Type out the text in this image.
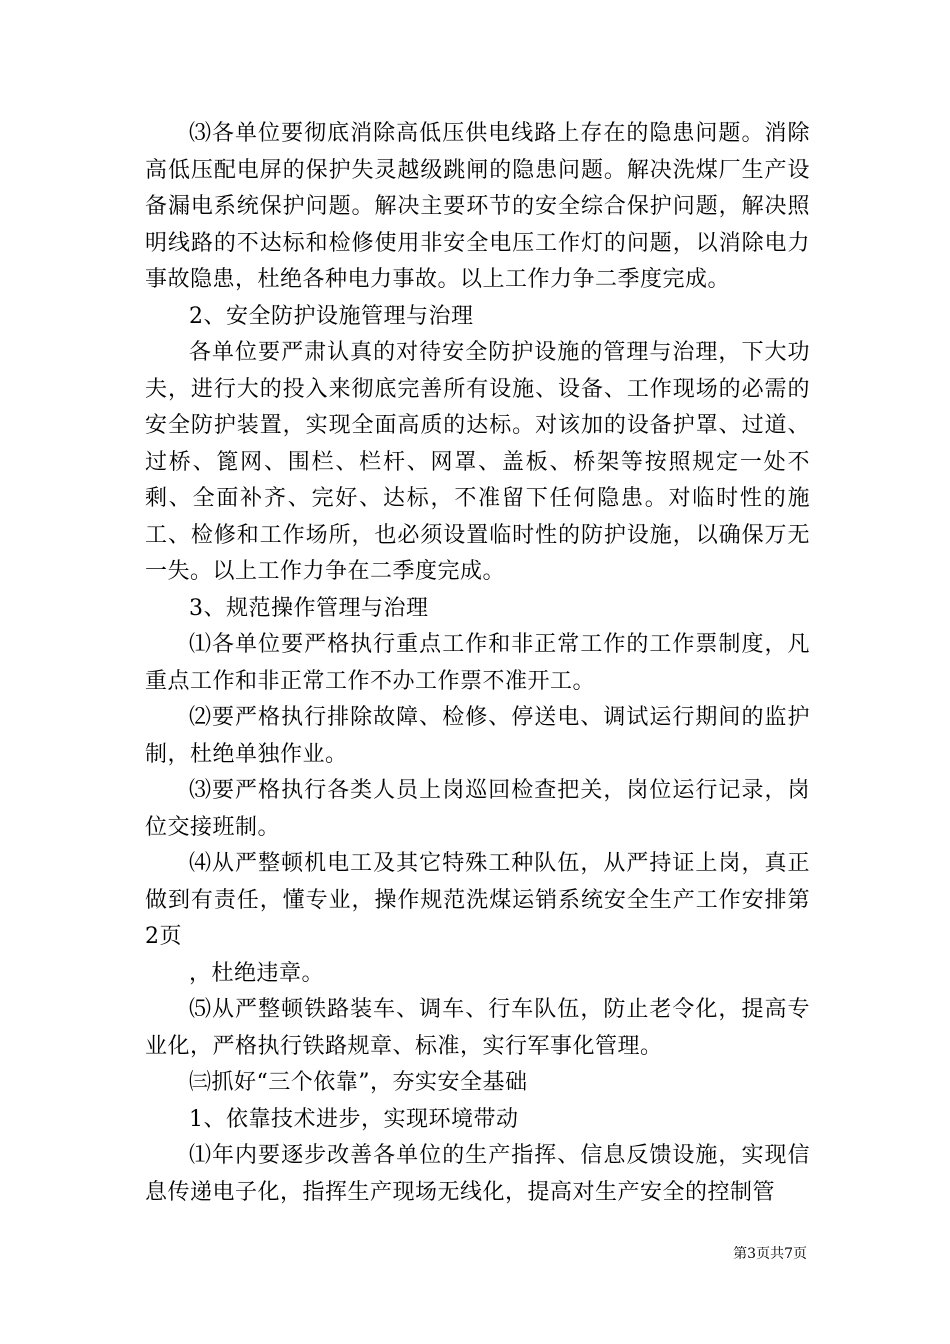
⑶各单位要彻底消除高低压供电线路上存在的隐患问题。消除高低压配电屏的保护失灵越级跳闸的隐患问题。解决洗煤厂生产设备漏电系统保护问题。解决主要环节的安全综合保护问题，解决照明线路的不达标和检修使用非安全电压工作灯的问题，以消除电力事故隐患，杜绝各种电力事故。以上工作力争二季度完成。

2、安全防护设施管理与治理

各单位要严肃认真的对待安全防护设施的管理与治理，下大功夫，进行大的投入来彻底完善所有设施、设备、工作现场的必需的安全防护装置，实现全面高质的达标。对该加的设备护罩、过道、过桥、篦网、围栏、栏杆、网罩、盖板、桥架等按照规定一处不剩、全面补齐、完好、达标，不准留下任何隐患。对临时性的施工、检修和工作场所，也必须设置临时性的防护设施，以确保万无一失。以上工作力争在二季度完成。

3、规范操作管理与治理

⑴各单位要严格执行重点工作和非正常工作的工作票制度，凡重点工作和非正常工作不办工作票不准开工。

⑵要严格执行排除故障、检修、停送电、调试运行期间的监护制，杜绝单独作业。

⑶要严格执行各类人员上岗巡回检查把关，岗位运行记录，岗位交接班制。

⑷从严整顿机电工及其它特殊工种队伍，从严持证上岗，真正做到有责任，懂专业，操作规范洗煤运销系统安全生产工作安排第2页

，杜绝违章。

⑸从严整顿铁路装车、调车、行车队伍，防止老令化，提高专业化，严格执行铁路规章、标准，实行军事化管理。

㈢抓好“三个依靠”，夯实安全基础

1、依靠技术进步，实现环境带动

⑴年内要逐步改善各单位的生产指挥、信息反馈设施，实现信息传递电子化，指挥生产现场无线化，提高对生产安全的控制管

第3页共7页
